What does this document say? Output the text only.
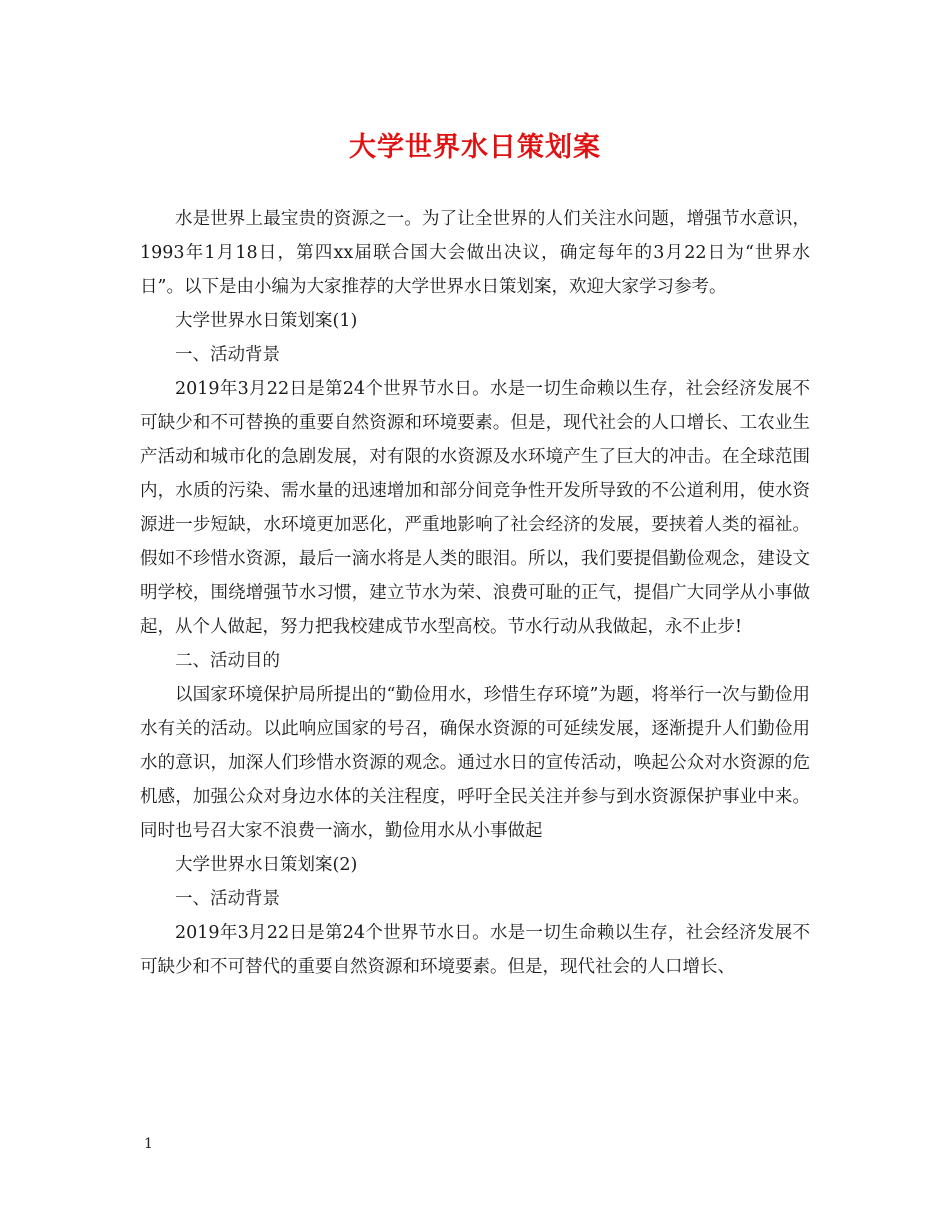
大学世界水日策划案

水是世界上最宝贵的资源之一。为了让全世界的人们关注水问题，增强节水意识，1993年1月18日，第四xx届联合国大会做出决议，确定每年的3月22日为“世界水日”。以下是由小编为大家推荐的大学世界水日策划案，欢迎大家学习参考。

大学世界水日策划案(1)

一、活动背景

2019年3月22日是第24个世界节水日。水是一切生命赖以生存，社会经济发展不可缺少和不可替换的重要自然资源和环境要素。但是，现代社会的人口增长、工农业生产活动和城市化的急剧发展，对有限的水资源及水环境产生了巨大的冲击。在全球范围内，水质的污染、需水量的迅速增加和部分间竞争性开发所导致的不公道利用，使水资源进一步短缺，水环境更加恶化，严重地影响了社会经济的发展，要挟着人类的福祉。假如不珍惜水资源，最后一滴水将是人类的眼泪。所以，我们要提倡勤俭观念，建设文明学校，围绕增强节水习惯，建立节水为荣、浪费可耻的正气，提倡广大同学从小事做起，从个人做起，努力把我校建成节水型高校。节水行动从我做起，永不止步!

二、活动目的

以国家环境保护局所提出的“勤俭用水，珍惜生存环境”为题，将举行一次与勤俭用水有关的活动。以此响应国家的号召，确保水资源的可延续发展，逐渐提升人们勤俭用水的意识，加深人们珍惜水资源的观念。通过水日的宣传活动，唤起公众对水资源的危机感，加强公众对身边水体的关注程度，呼吁全民关注并参与到水资源保护事业中来。同时也号召大家不浪费一滴水，勤俭用水从小事做起

大学世界水日策划案(2)

一、活动背景

2019年3月22日是第24个世界节水日。水是一切生命赖以生存，社会经济发展不可缺少和不可替代的重要自然资源和环境要素。但是，现代社会的人口增长、

1
